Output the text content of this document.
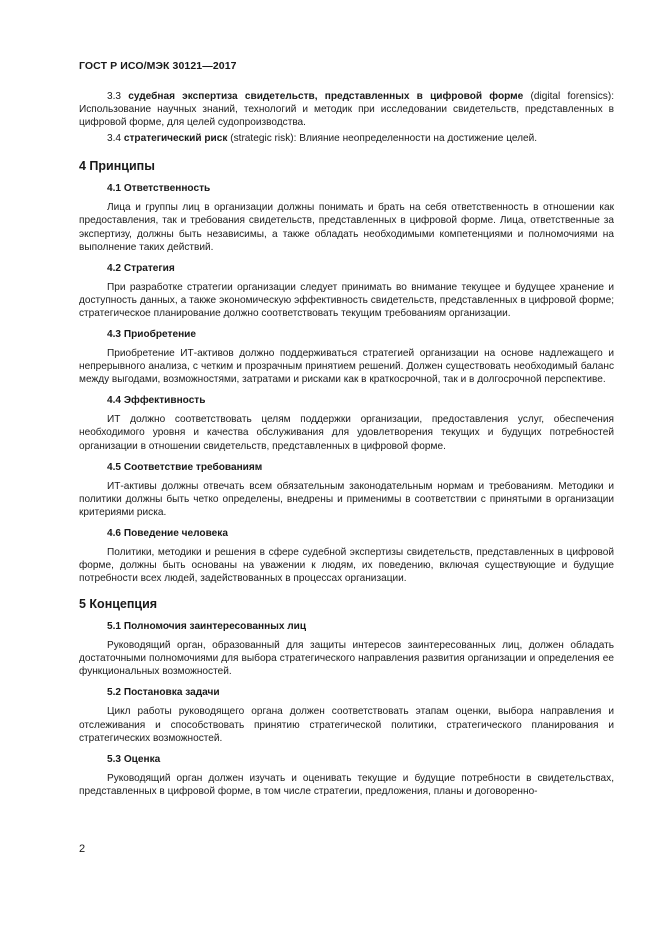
ГОСТ Р ИСО/МЭК 30121—2017

3.3 судебная экспертиза свидетельств, представленных в цифровой форме (digital forensics): Использование научных знаний, технологий и методик при исследовании свидетельств, представленных в цифровой форме, для целей судопроизводства.

3.4 стратегический риск (strategic risk): Влияние неопределенности на достижение целей.

4 Принципы
4.1 Ответственность

Лица и группы лиц в организации должны понимать и брать на себя ответственность в отношении как предоставления, так и требования свидетельств, представленных в цифровой форме. Лица, ответственные за экспертизу, должны быть независимы, а также обладать необходимыми компетенциями и полномочиями на выполнение таких действий.

4.2 Стратегия

При разработке стратегии организации следует принимать во внимание текущее и будущее хранение и доступность данных, а также экономическую эффективность свидетельств, представленных в цифровой форме; стратегическое планирование должно соответствовать текущим требованиям организации.

4.3 Приобретение

Приобретение ИТ-активов должно поддерживаться стратегией организации на основе надлежащего и непрерывного анализа, с четким и прозрачным принятием решений. Должен существовать необходимый баланс между выгодами, возможностями, затратами и рисками как в краткосрочной, так и в долгосрочной перспективе.

4.4 Эффективность

ИТ должно соответствовать целям поддержки организации, предоставления услуг, обеспечения необходимого уровня и качества обслуживания для удовлетворения текущих и будущих потребностей организации в отношении свидетельств, представленных в цифровой форме.

4.5 Соответствие требованиям

ИТ-активы должны отвечать всем обязательным законодательным нормам и требованиям. Методики и политики должны быть четко определены, внедрены и применимы в соответствии с принятыми в организации критериями риска.

4.6 Поведение человека

Политики, методики и решения в сфере судебной экспертизы свидетельств, представленных в цифровой форме, должны быть основаны на уважении к людям, их поведению, включая существующие и будущие потребности всех людей, задействованных в процессах организации.

5 Концепция
5.1 Полномочия заинтересованных лиц

Руководящий орган, образованный для защиты интересов заинтересованных лиц, должен обладать достаточными полномочиями для выбора стратегического направления развития организации и определения ее функциональных возможностей.

5.2 Постановка задачи

Цикл работы руководящего органа должен соответствовать этапам оценки, выбора направления и отслеживания и способствовать принятию стратегической политики, стратегического планирования и стратегических возможностей.

5.3 Оценка

Руководящий орган должен изучать и оценивать текущие и будущие потребности в свидетельствах, представленных в цифровой форме, в том числе стратегии, предложения, планы и договоренно-

2
